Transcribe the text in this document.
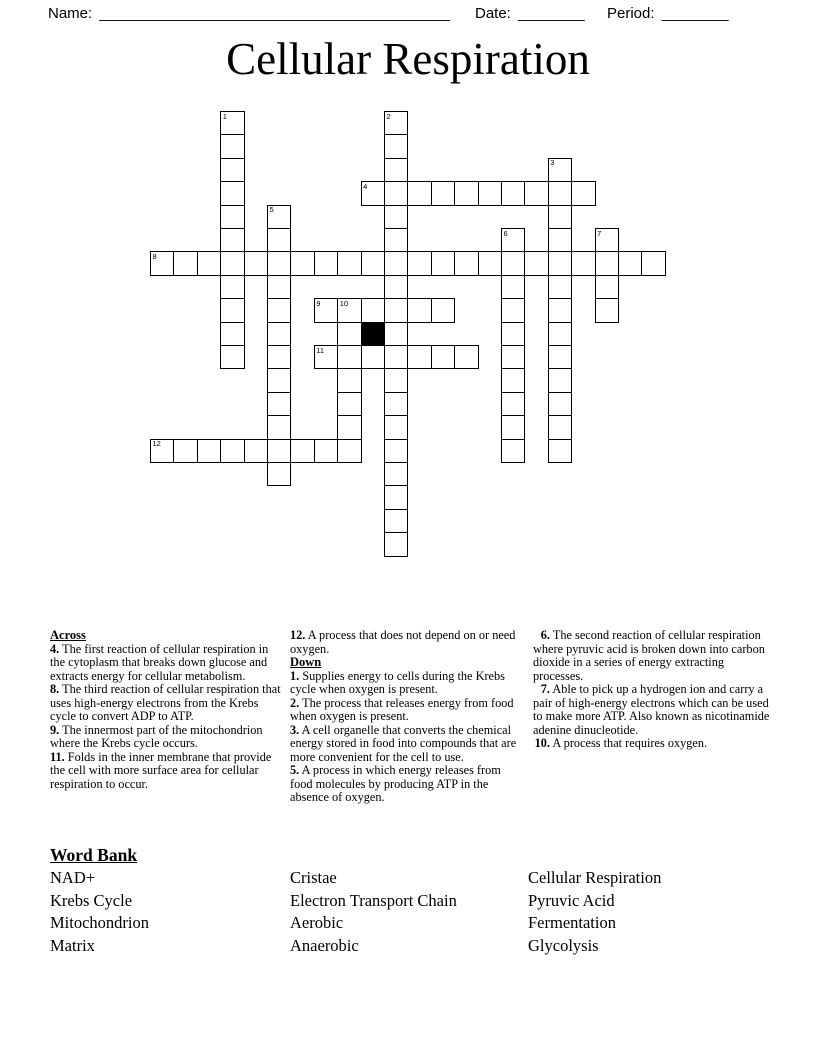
Name: __________________________________________ Date: ________ Period: ________
Cellular Respiration
1	2
3
4
5
6	7
8
9	10
11
12
Across

4. The first reaction of cellular respiration in the cytoplasm that breaks down glucose and extracts energy for cellular metabolism.

8. The third reaction of cellular respiration that uses high-energy electrons from the Krebs cycle to convert ADP to ATP.

9. The innermost part of the mitochondrion where the Krebs cycle occurs.

11. Folds in the inner membrane that provide the cell with more surface area for cellular respiration to occur.

12. A process that does not depend on or need oxygen.

Down

1. Supplies energy to cells during the Krebs cycle when oxygen is present.

2. The process that releases energy from food when oxygen is present.

3. A cell organelle that converts the chemical energy stored in food into compounds that are more convenient for the cell to use.

5. A process in which energy releases from food molecules by producing ATP in the absence of oxygen.

6. The second reaction of cellular respiration where pyruvic acid is broken down into carbon dioxide in a series of energy extracting processes.

7. Able to pick up a hydrogen ion and carry a pair of high-energy electrons which can be used to make more ATP. Also known as nicotinamide adenine dinucleotide.

10. A process that requires oxygen.

Word Bank

NAD+

Krebs Cycle

Mitochondrion

Matrix

Cristae

Electron Transport Chain

Aerobic

Anaerobic

Cellular Respiration

Pyruvic Acid

Fermentation

Glycolysis
